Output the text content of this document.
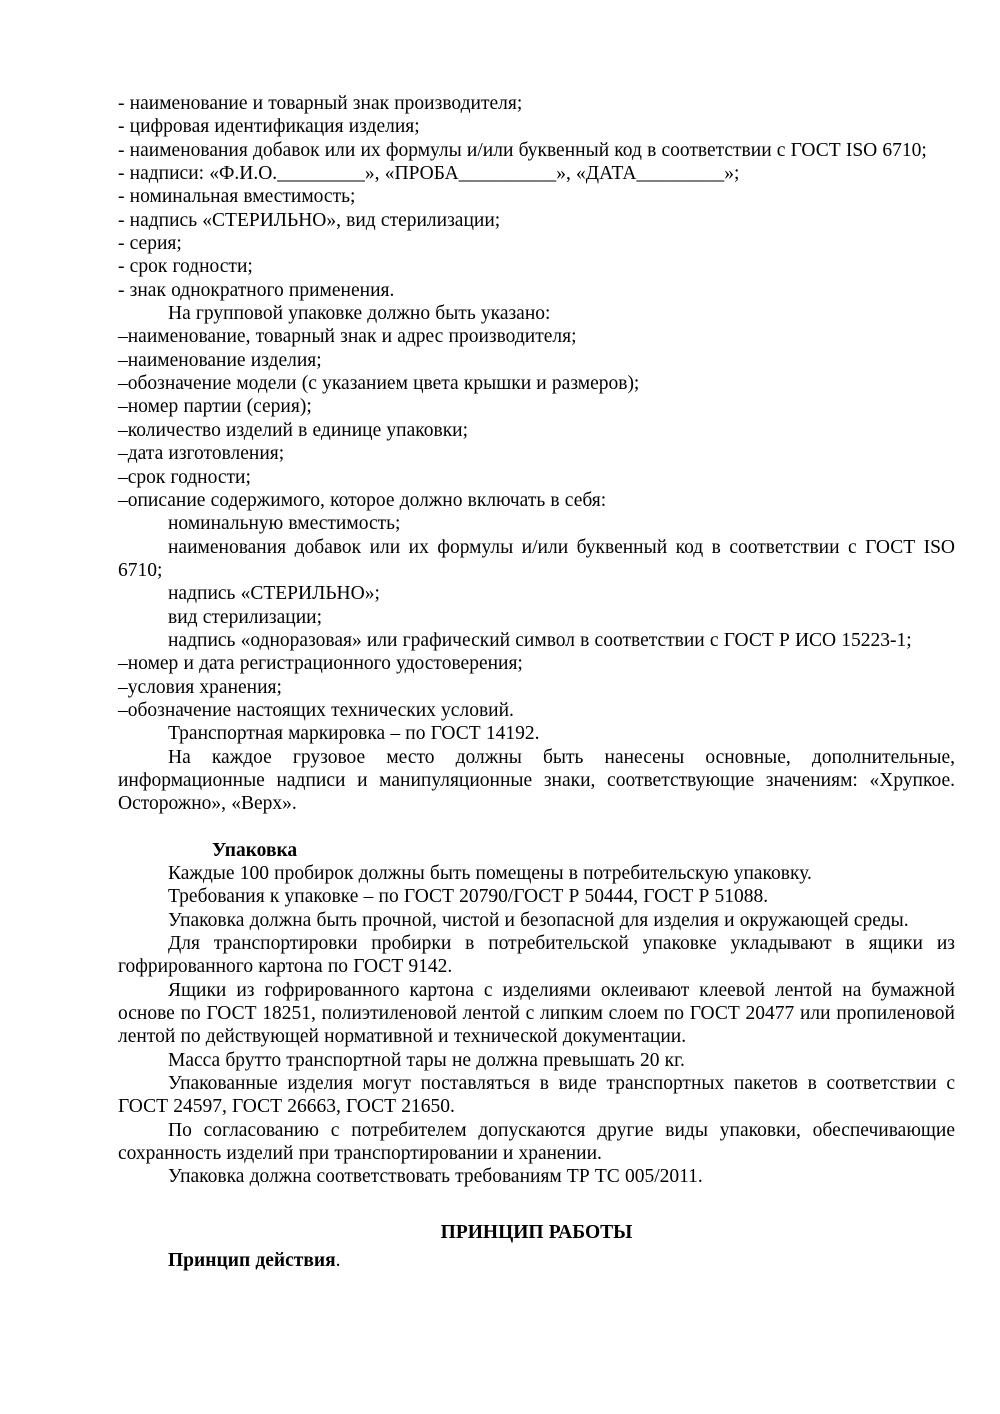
- наименование и товарный знак производителя;

- цифровая идентификация изделия;

- наименования добавок или их формулы и/или буквенный код в соответствии с ГОСТ ISO 6710;

- надписи: «Ф.И.О._________», «ПРОБА__________», «ДАТА_________»;

- номинальная вместимость;

- надпись «СТЕРИЛЬНО», вид стерилизации;

- серия;

- срок годности;

- знак однократного применения.

На групповой упаковке должно быть указано:

–наименование, товарный знак и адрес производителя;

–наименование изделия;

–обозначение модели (с указанием цвета крышки и размеров);

–номер партии (серия);

–количество изделий в единице упаковки;

–дата изготовления;

–срок годности;

–описание содержимого, которое должно включать в себя:

номинальную вместимость;

наименования добавок или их формулы и/или буквенный код в соответствии с ГОСТ ISO 6710;

надпись «СТЕРИЛЬНО»;

вид стерилизации;

надпись «одноразовая» или графический символ в соответствии с ГОСТ Р ИСО 15223-1;

–номер и дата регистрационного удостоверения;

–условия хранения;

–обозначение настоящих технических условий.

Транспортная маркировка – по ГОСТ 14192.

На каждое грузовое место должны быть нанесены основные, дополнительные, информационные надписи и манипуляционные знаки, соответствующие значениям: «Хрупкое. Осторожно», «Верх».

Упаковка

Каждые 100 пробирок должны быть помещены в потребительскую упаковку.

Требования к упаковке – по ГОСТ 20790/ГОСТ Р 50444, ГОСТ Р 51088.

Упаковка должна быть прочной, чистой и безопасной для изделия и окружающей среды.

Для транспортировки пробирки в потребительской упаковке укладывают в ящики из гофрированного картона по ГОСТ 9142.

Ящики из гофрированного картона с изделиями оклеивают клеевой лентой на бумажной основе по ГОСТ 18251, полиэтиленовой лентой с липким слоем по ГОСТ 20477 или пропиленовой лентой по действующей нормативной и технической документации.

Масса брутто транспортной тары не должна превышать 20 кг.

Упакованные изделия могут поставляться в виде транспортных пакетов в соответствии с ГОСТ 24597, ГОСТ 26663, ГОСТ 21650.

По согласованию с потребителем допускаются другие виды упаковки, обеспечивающие сохранность изделий при транспортировании и хранении.

Упаковка должна соответствовать требованиям ТР ТС 005/2011.

ПРИНЦИП РАБОТЫ

Принцип действия.
